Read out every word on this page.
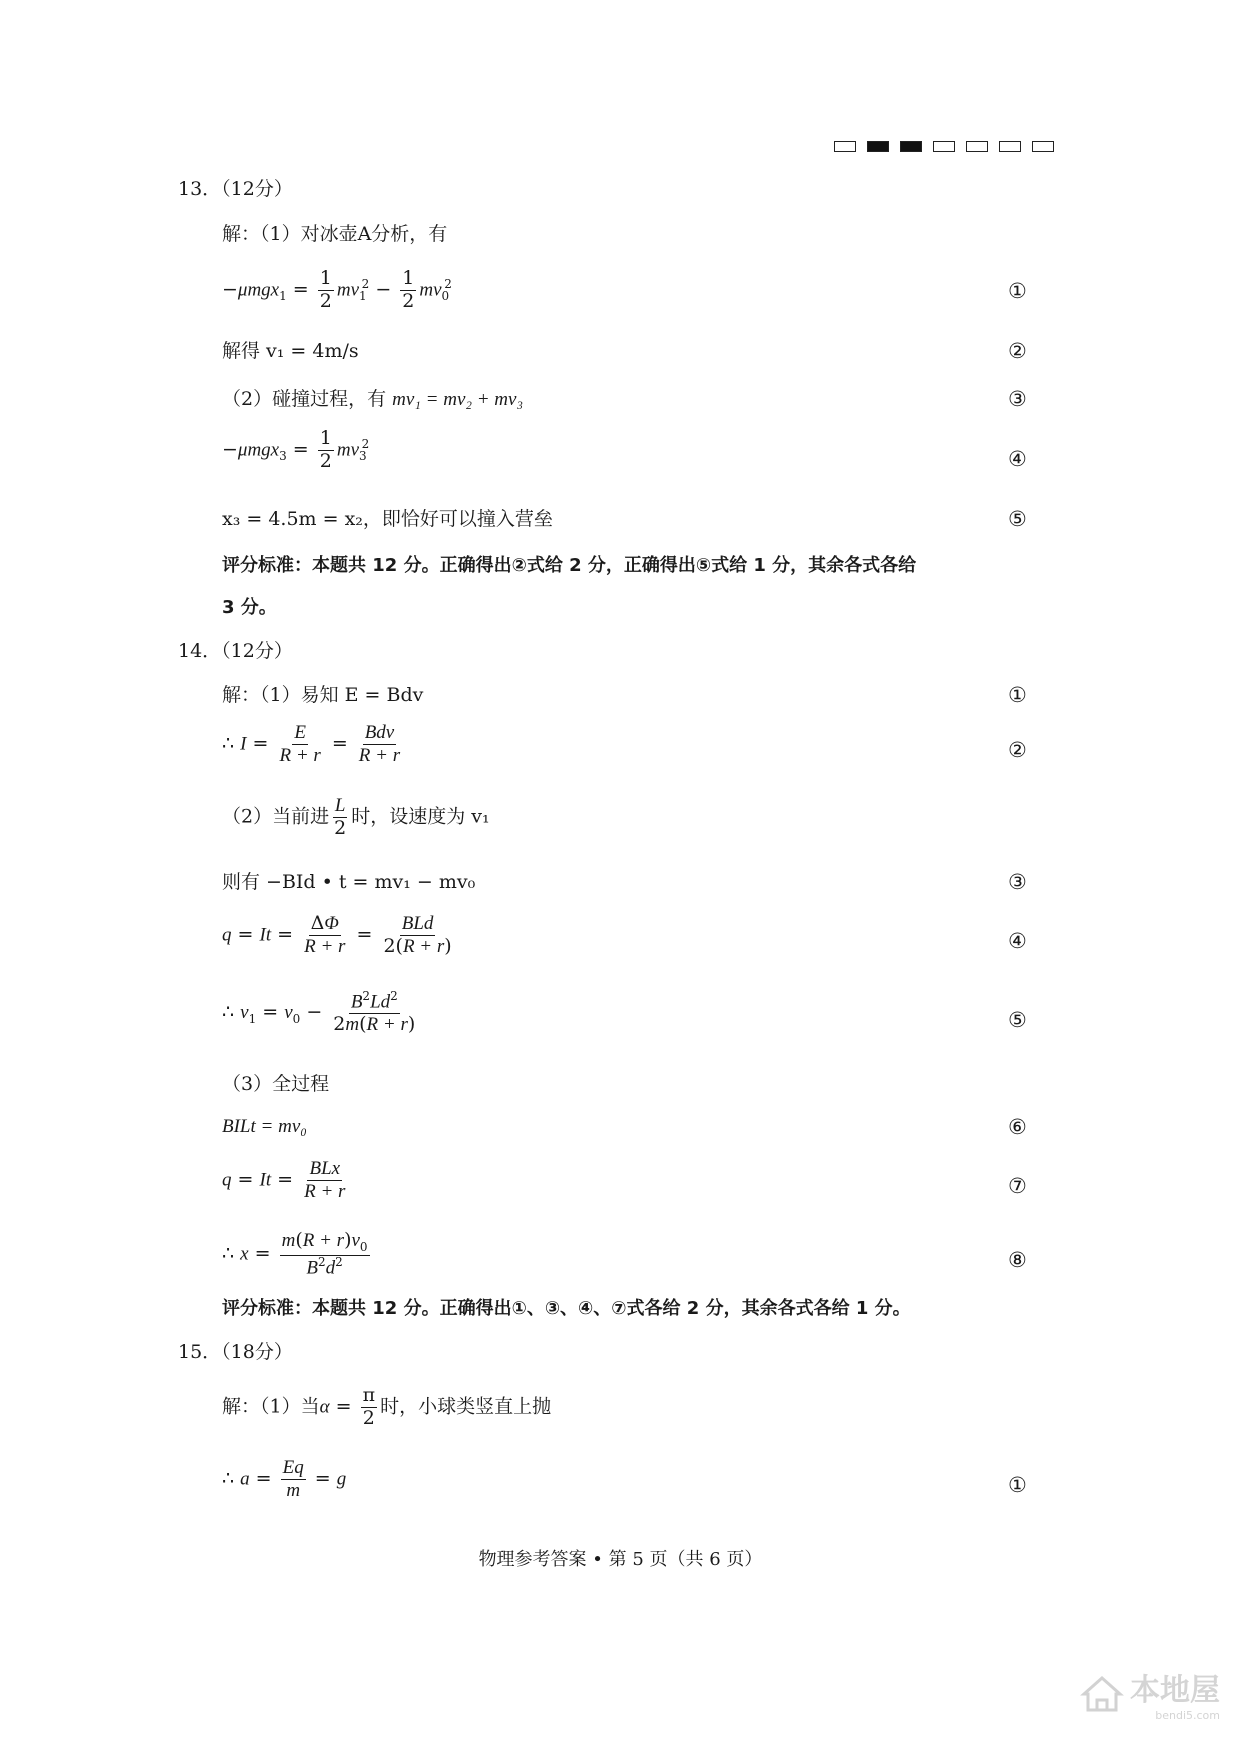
13．（12分）
解：（1）对冰壶A分析，有
$-\mu mgx_1 = \frac{1}{2} mv_1^2 - \frac{1}{2} mv_0^2$	①
解得 v₁ = 4m/s	②
（2）碰撞过程，有 mv₁ = mv₂ + mv₃	③
$-\mu mgx_3 = \frac{1}{2} mv_3^2$
④
x₃ = 4.5m = x₂，即恰好可以撞入营垒	⑤
评分标准：本题共 12 分。正确得出②式给 2 分，正确得出⑤式给 1 分，其余各式各给
3 分。
14．（12分）
解：（1）易知 E = Bdv	①
∴ $I = \frac{E}{R + r} = \frac{\text{Bdv}}{R + r}$	②
（2）当前进 $\frac{L}{2}$ 时，设速度为 v₁
则有 −BId • t = mv₁ − mv₀	③
$q = It = \frac{\Delta\Phi}{R + r} = \frac{\text{BLd}}{2(R + r)}$	④
∴ $v_1 = v_0 - \frac{B^2Ld^2}{2m(R + r)}$	⑤
（3）全过程
BILt = mv₀	⑥
$q = It = \frac{\text{BLx}}{R + r}$	⑦
∴ $x = \frac{m(R + r)v_0}{B^2d^2}$	⑧
评分标准：本题共 12 分。正确得出①、③、④、⑦式各给 2 分，其余各式各给 1 分。
15．（18分）
解：（1）当$\alpha = \frac{\pi}{2}$ 时，小球类竖直上抛
∴ $a = \frac{Eq}{m} = g$	①
物理参考答案 • 第 5 页（共 6 页）
本地屋
bendi5.com
